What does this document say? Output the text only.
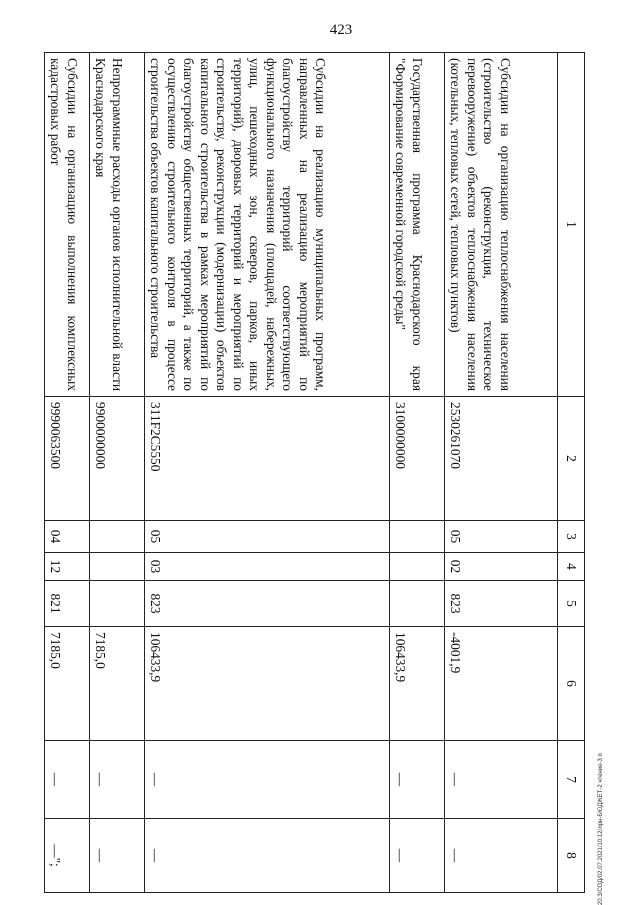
423
20.3/СОД/02.07.2021/10:12/лрн-БЮДЖЕТ-2 чтение-3 п
1	2	3	4	5	6	7	8
Субсидии на организацию теплоснабжения населения (строительство (реконструкция, техническое перевооружение) объектов теплоснабжения населения (котельных, тепловых сетей, тепловых пунктов)	2530261070	05	02	823	-4001,9	—	—
Государственная программа Краснодарского края "Формирование современной городской среды"	3100000000				106433,9	—	—
Субсидии на реализацию муниципальных программ, направленных на реализацию мероприятий по благоустройству территорий соответствующего функционального назначения (площадей, набережных, улиц, пешеходных зон, скверов, парков, иных территорий), дворовых территорий и мероприятий по строительству, реконструкции (модернизации) объектов капитального строительства в рамках мероприятий по благоустройству общественных территорий, а также по осуществлению строительного контроля в процессе строительства объектов капитального строительства	311F2С5550	05	03	823	106433,9	—	—
Непрограммные расходы органов исполнительной власти Краснодарского края	9900000000				7185,0	—	—
Субсидии на организацию выполнения комплексных кадастровых работ	9990063500	04	12	821	7185,0	—	—";
